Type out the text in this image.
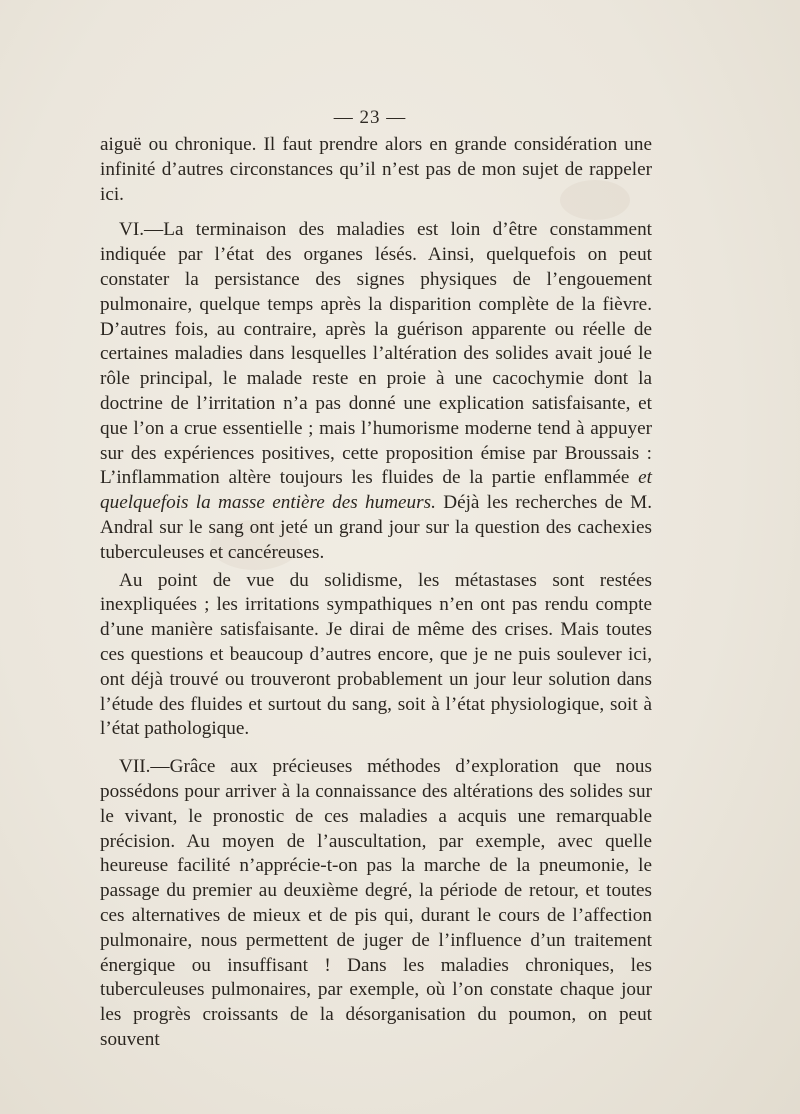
— 23 —

aiguë ou chronique. Il faut prendre alors en grande considération une infinité d’autres circonstances qu’il n’est pas de mon sujet de rappeler ici.

VI.—La terminaison des maladies est loin d’être constamment indiquée par l’état des organes lésés. Ainsi, quelquefois on peut constater la persistance des signes physiques de l’engouement pulmonaire, quelque temps après la disparition complète de la fièvre. D’autres fois, au contraire, après la guérison apparente ou réelle de certaines maladies dans lesquelles l’altération des solides avait joué le rôle principal, le malade reste en proie à une cacochymie dont la doctrine de l’irritation n’a pas donné une explication satisfaisante, et que l’on a crue essentielle ; mais l’humorisme moderne tend à appuyer sur des expériences positives, cette proposition émise par Broussais : L’inflammation altère toujours les fluides de la partie enflammée et quelquefois la masse entière des humeurs. Déjà les recherches de M. Andral sur le sang ont jeté un grand jour sur la question des cachexies tuberculeuses et cancéreuses.

Au point de vue du solidisme, les métastases sont restées inexpliquées ; les irritations sympathiques n’en ont pas rendu compte d’une manière satisfaisante. Je dirai de même des crises. Mais toutes ces questions et beaucoup d’autres encore, que je ne puis soulever ici, ont déjà trouvé ou trouveront probablement un jour leur solution dans l’étude des fluides et surtout du sang, soit à l’état physiologique, soit à l’état pathologique.

VII.—Grâce aux précieuses méthodes d’exploration que nous possédons pour arriver à la connaissance des altérations des solides sur le vivant, le pronostic de ces maladies a acquis une remarquable précision. Au moyen de l’auscultation, par exemple, avec quelle heureuse facilité n’apprécie-t-on pas la marche de la pneumonie, le passage du premier au deuxième degré, la période de retour, et toutes ces alternatives de mieux et de pis qui, durant le cours de l’affection pulmonaire, nous permettent de juger de l’influence d’un traitement énergique ou insuffisant ! Dans les maladies chroniques, les tuberculeuses pulmonaires, par exemple, où l’on constate chaque jour les progrès croissants de la désorganisation du poumon, on peut souvent
